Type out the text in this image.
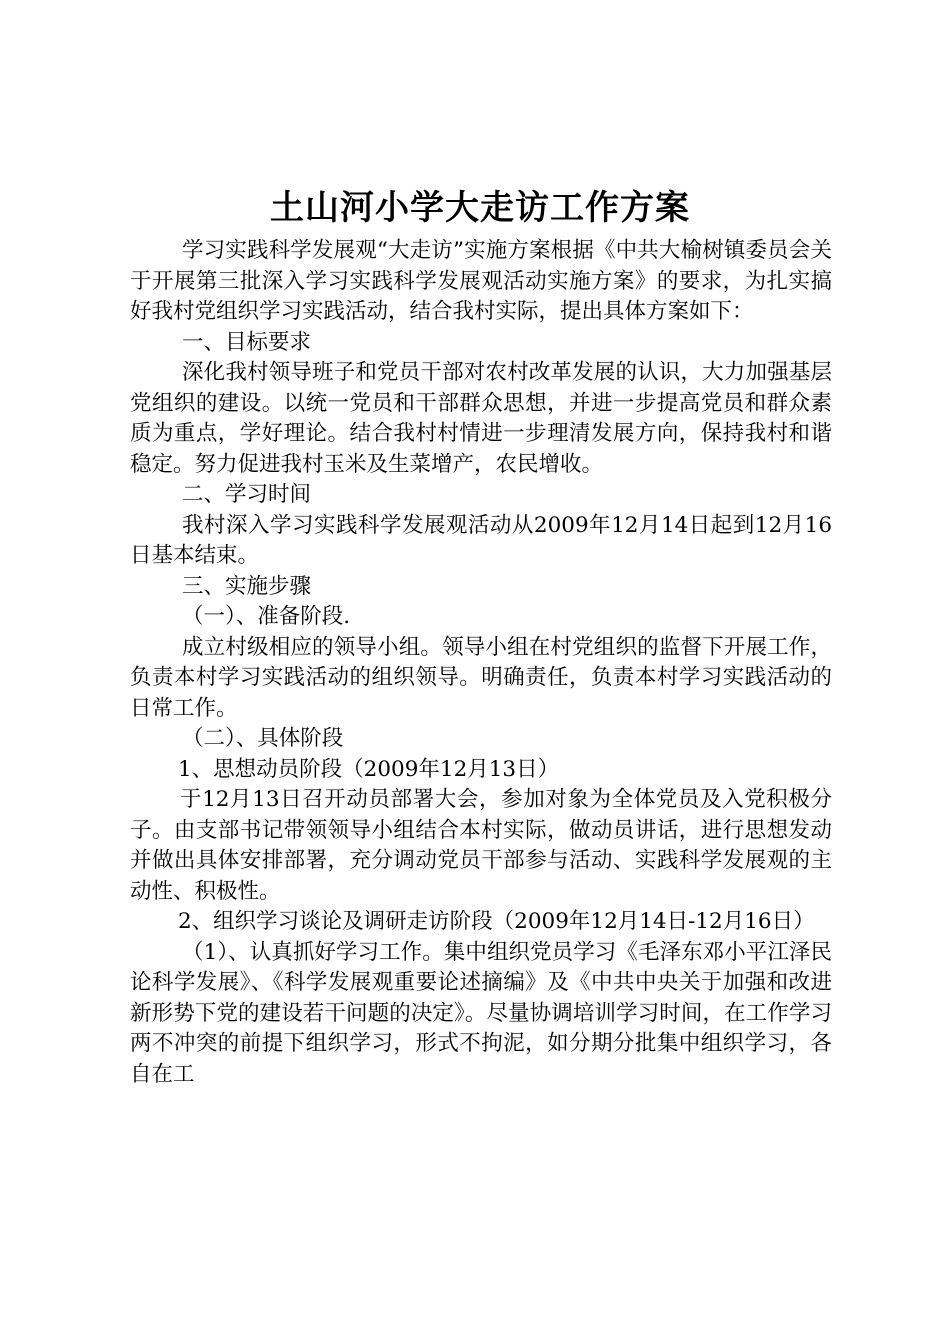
土山河小学大走访工作方案

学习实践科学发展观“大走访”实施方案根据《中共大榆树镇委员会关于开展第三批深入学习实践科学发展观活动实施方案》的要求，为扎实搞好我村党组织学习实践活动，结合我村实际，提出具体方案如下：

一、目标要求

深化我村领导班子和党员干部对农村改革发展的认识，大力加强基层党组织的建设。以统一党员和干部群众思想，并进一步提高党员和群众素质为重点，学好理论。结合我村村情进一步理清发展方向，保持我村和谐稳定。努力促进我村玉米及生菜增产，农民增收。

二、学习时间

我村深入学习实践科学发展观活动从2009年12月14日起到12月16日基本结束。

三、实施步骤

（一）、准备阶段.

成立村级相应的领导小组。领导小组在村党组织的监督下开展工作，负责本村学习实践活动的组织领导。明确责任，负责本村学习实践活动的日常工作。

（二）、具体阶段

1、思想动员阶段（2009年12月13日）

于12月13日召开动员部署大会，参加对象为全体党员及入党积极分子。由支部书记带领领导小组结合本村实际，做动员讲话，进行思想发动并做出具体安排部署，充分调动党员干部参与活动、实践科学发展观的主动性、积极性。

2、组织学习谈论及调研走访阶段（2009年12月14日-12月16日）

（1）、认真抓好学习工作。集中组织党员学习《毛泽东邓小平江泽民论科学发展》、《科学发展观重要论述摘编》及《中共中央关于加强和改进新形势下党的建设若干问题的决定》。尽量协调培训学习时间，在工作学习两不冲突的前提下组织学习，形式不拘泥，如分期分批集中组织学习，各自在工
